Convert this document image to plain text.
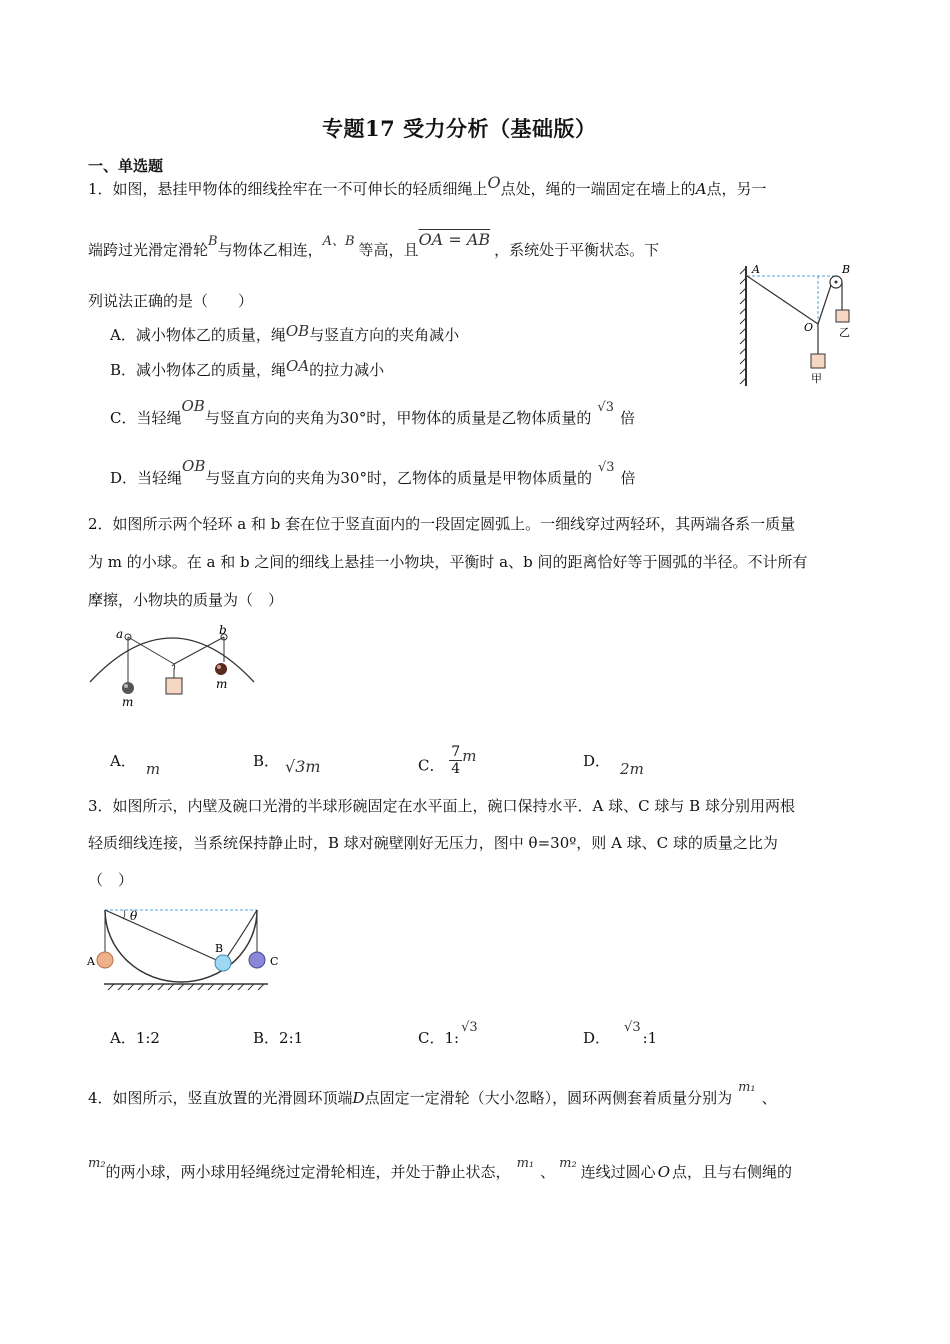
专题17 受力分析（基础版）
一、单选题
1．如图，悬挂甲物体的细线拴牢在一不可伸长的轻质细绳上O点处，绳的一端固定在墙上的A点，另一
端跨过光滑定滑轮B与物体乙相连，A、B 等高，且OA = AB，系统处于平衡状态。下
列说法正确的是（　　）
A．减小物体乙的质量，绳OB与竖直方向的夹角减小
B．减小物体乙的质量，绳OA的拉力减小
C．当轻绳OB与竖直方向的夹角为30°时，甲物体的质量是乙物体质量的√3倍
D．当轻绳OB与竖直方向的夹角为30°时，乙物体的质量是甲物体质量的√3倍
A	B
O 乙
甲
2．如图所示两个轻环 a 和 b 套在位于竖直面内的一段固定圆弧上。一细线穿过两轻环，其两端各系一质量
为 m 的小球。在 a 和 b 之间的细线上悬挂一小物块，平衡时 a、b 间的距离恰好等于圆弧的半径。不计所有
摩擦，小物块的质量为（　）
a	b
m
m
A． m	B． √3m	C． $\frac{7}{4}$ m	D． 2m
3．如图所示，内壁及碗口光滑的半球形碗固定在水平面上，碗口保持水平．A 球、C 球与 B 球分别用两根
轻质细线连接，当系统保持静止时，B 球对碗壁刚好无压力，图中 θ=30º，则 A 球、C 球的质量之比为
（　）
θ
A
B
C
A．1:2	B．2:1	C．1:√3
D．√3:1
4．如图所示，竖直放置的光滑圆环顶端D点固定一定滑轮（大小忽略），圆环两侧套着质量分别为m₁、
m₂的两小球，两小球用轻绳绕过定滑轮相连，并处于静止状态， m₁ 、 m₂ 连线过圆心 O 点，且与右侧绳的
